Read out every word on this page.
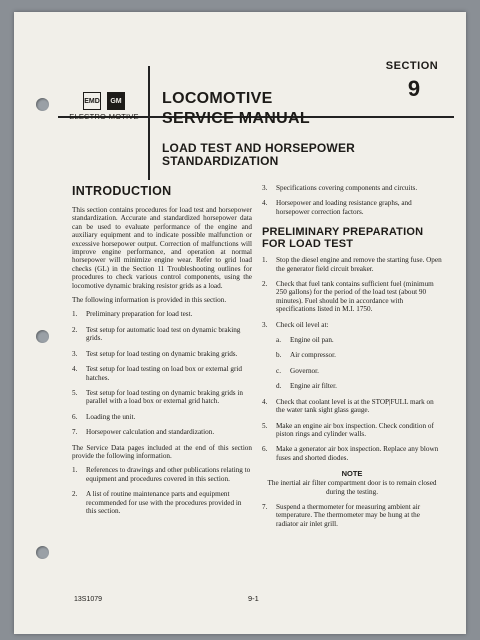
EMD	GM
ELECTRO-MOTIVE
SECTION
9
LOCOMOTIVE
SERVICE MANUAL
LOAD TEST AND HORSEPOWER
STANDARDIZATION
INTRODUCTION

This section contains procedures for load test and horsepower standardization. Accurate and standardized horsepower data can be used to evaluate performance of the engine and auxiliary equipment and to indicate possible malfunction or excessive horsepower output. Correction of malfunctions will improve engine performance, and operation at normal horsepower will minimize engine wear. Refer to grid load checks (GL) in the Section 11 Troubleshooting outlines for procedures to check various control components, using the locomotive dynamic braking resistor grids as a load.

The following information is provided in this section.

1.	Preliminary preparation for load test.
2.	Test setup for automatic load test on dynamic braking grids.
3.	Test setup for load testing on dynamic braking grids.
4.	Test setup for load testing on load box or external grid hatches.
5.	Test setup for load testing on dynamic braking grids in parallel with a load box or external grid hatch.
6.	Loading the unit.
7.	Horsepower calculation and standardization.

The Service Data pages included at the end of this section provide the following information.

1.	References to drawings and other publications relating to equipment and procedures covered in this section.
2.	A list of routine maintenance parts and equipment recommended for use with the procedures provided in this section.
3.	Specifications covering components and circuits.
4.	Horsepower and loading resistance graphs, and horsepower correction factors.
PRELIMINARY PREPARATION
FOR LOAD TEST
1.	Stop the diesel engine and remove the starting fuse. Open the generator field circuit breaker.
2.	Check that fuel tank contains sufficient fuel (minimum 250 gallons) for the period of the load test (about 90 minutes). Fuel should be in accordance with specifications listed in M.I. 1750.
3.	Check oil level at:
a.	Engine oil pan.
b.	Air compressor.
c.	Governor.
d.	Engine air filter.
4.	Check that coolant level is at the STOP|FULL mark on the water tank sight glass gauge.
5.	Make an engine air box inspection. Check condition of piston rings and cylinder walls.
6.	Make a generator air box inspection. Replace any blown fuses and shorted diodes.
NOTE
The inertial air filter compartment door is to remain closed during the testing.
7.	Suspend a thermometer for measuring ambient air temperature. The thermometer may be hung at the radiator air inlet grill.
13S1079	9-1
